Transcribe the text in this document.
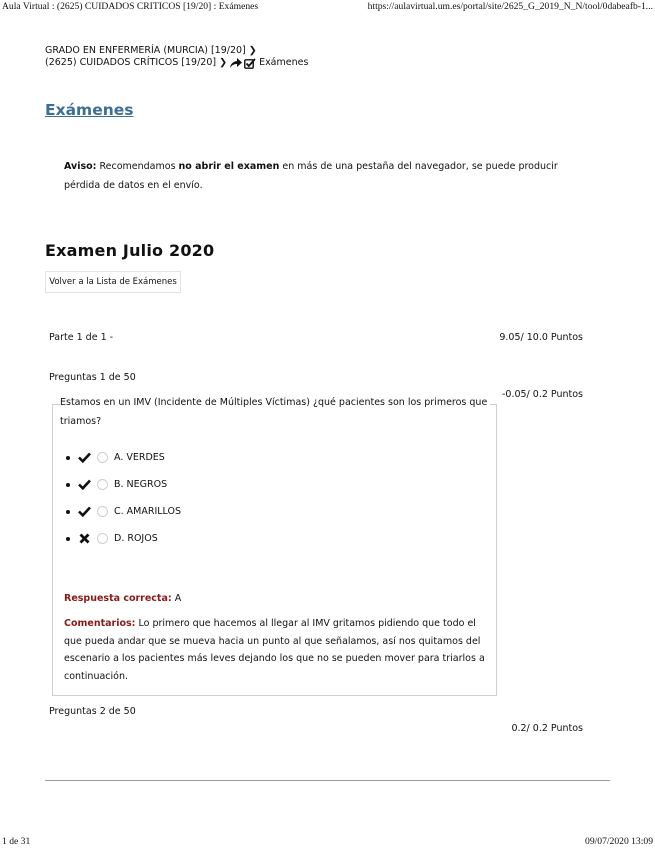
Aula Virtual : (2625) CUIDADOS CRITICOS [19/20] : Exámenes	https://aulavirtual.um.es/portal/site/2625_G_2019_N_N/tool/0dabeafb-1...
GRADO EN ENFERMERÍA (MURCIA) [19/20] ❯
(2625) CUIDADOS CRÍTICOS [19/20] ❯	Exámenes
Exámenes
Aviso: Recomendamos no abrir el examen en más de una pestaña del navegador, se puede producir pérdida de datos en el envío.
Examen Julio 2020
Volver a la Lista de Exámenes
Parte 1 de 1 -	9.05/ 10.0 Puntos
Preguntas 1 de 50
-0.05/ 0.2 Puntos
Estamos en un IMV (Incidente de Múltiples Víctimas) ¿qué pacientes son los primeros que triamos?
A. VERDES
B. NEGROS
C. AMARILLOS
D. ROJOS
Respuesta correcta: A
Comentarios: Lo primero que hacemos al llegar al IMV gritamos pidiendo que todo el que pueda andar que se mueva hacia un punto al que señalamos, así nos quitamos del escenario a los pacientes más leves dejando los que no se pueden mover para triarlos a continuación.
Preguntas 2 de 50
0.2/ 0.2 Puntos
1 de 31	09/07/2020 13:09
